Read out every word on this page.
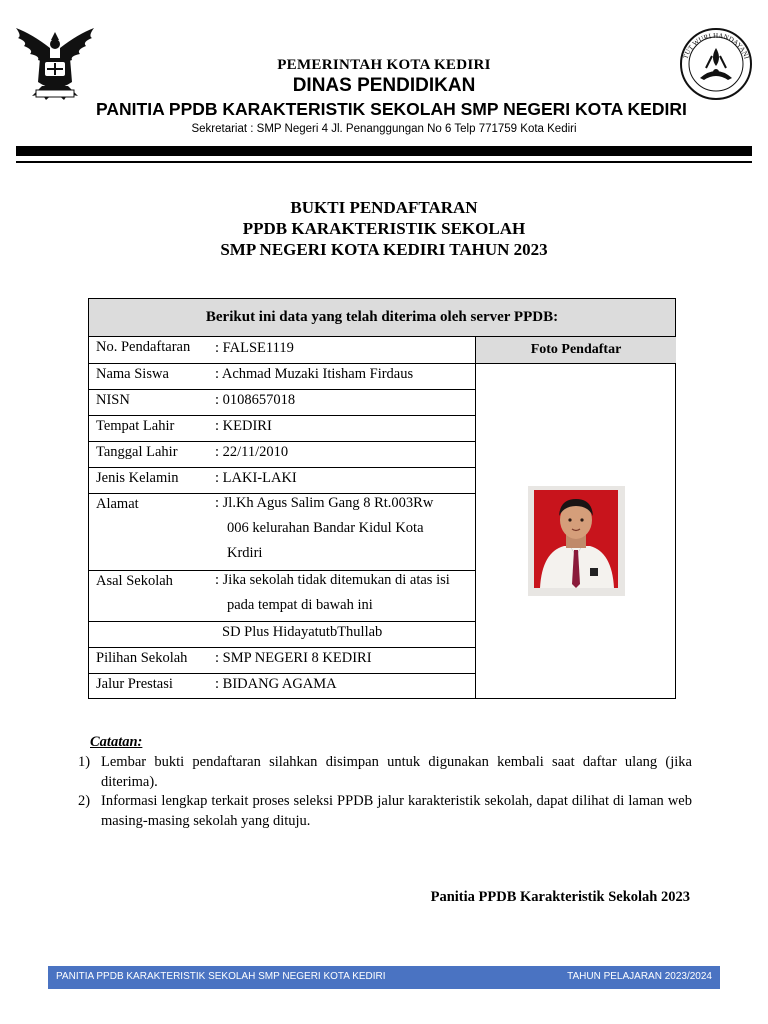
TUT WURI HANDAYANI
PEMERINTAH KOTA KEDIRI
DINAS PENDIDIKAN
PANITIA PPDB KARAKTERISTIK SEKOLAH SMP NEGERI KOTA KEDIRI
Sekretariat : SMP Negeri 4 Jl. Penanggungan No 6 Telp 771759 Kota Kediri
BUKTI PENDAFTARAN
PPDB KARAKTERISTIK SEKOLAH
SMP NEGERI KOTA KEDIRI TAHUN 2023
Berikut ini data yang telah diterima oleh server PPDB:
Foto Pendaftar
No. Pendaftaran : FALSE1119
Nama Siswa	: Achmad Muzaki Itisham Firdaus
NISN	: 0108657018
Tempat Lahir	: KEDIRI
Tanggal Lahir	: 22/11/2010
Jenis Kelamin	: LAKI-LAKI
Alamat	: Jl.Kh Agus Salim Gang 8 Rt.003Rw
006 kelurahan Bandar Kidul Kota
Krdiri
Asal Sekolah	: Jika sekolah tidak ditemukan di atas isi
pada tempat di bawah ini
SD Plus HidayatutbThullab
Pilihan Sekolah : SMP NEGERI 8 KEDIRI
Jalur Prestasi	: BIDANG AGAMA
Catatan:
1) Lembar bukti pendaftaran silahkan disimpan untuk digunakan kembali saat daftar ulang (jika diterima).
2) Informasi lengkap terkait proses seleksi PPDB jalur karakteristik sekolah, dapat dilihat di laman web masing-masing sekolah yang dituju.
Panitia PPDB Karakteristik Sekolah 2023
PANITIA PPDB KARAKTERISTIK SEKOLAH SMP NEGERI KOTA KEDIRI	TAHUN PELAJARAN 2023/2024
